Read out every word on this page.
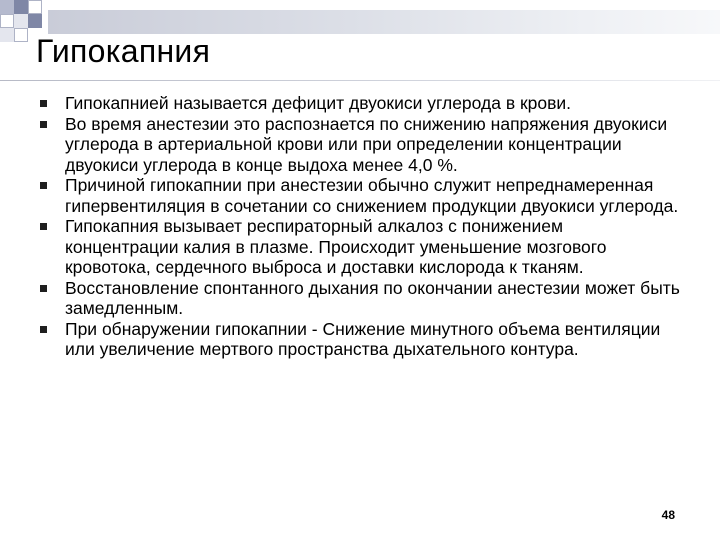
Гипокапния
Гипокапнией называется дефицит двуокиси углерода в крови.
Во время анестезии это распознается по снижению напряжения двуокиси углерода в артериальной крови или при определении концентрации двуокиси углерода в конце выдоха менее 4,0 %.
Причиной гипокапнии при анестезии обычно служит непреднамеренная гипервентиляция в сочетании со снижением продукции двуокиси углерода.
Гипокапния вызывает респираторный алкалоз с понижением концентрации калия в плазме. Происходит уменьшение мозгового кровотока, сердечного выброса и доставки кислорода к тканям.
Восстановление спонтанного дыхания по окончании анестезии может быть замедленным.
При обнаружении гипокапнии - Снижение минутного объема вентиляции или увеличение мертвого пространства дыхательного контура.
48
